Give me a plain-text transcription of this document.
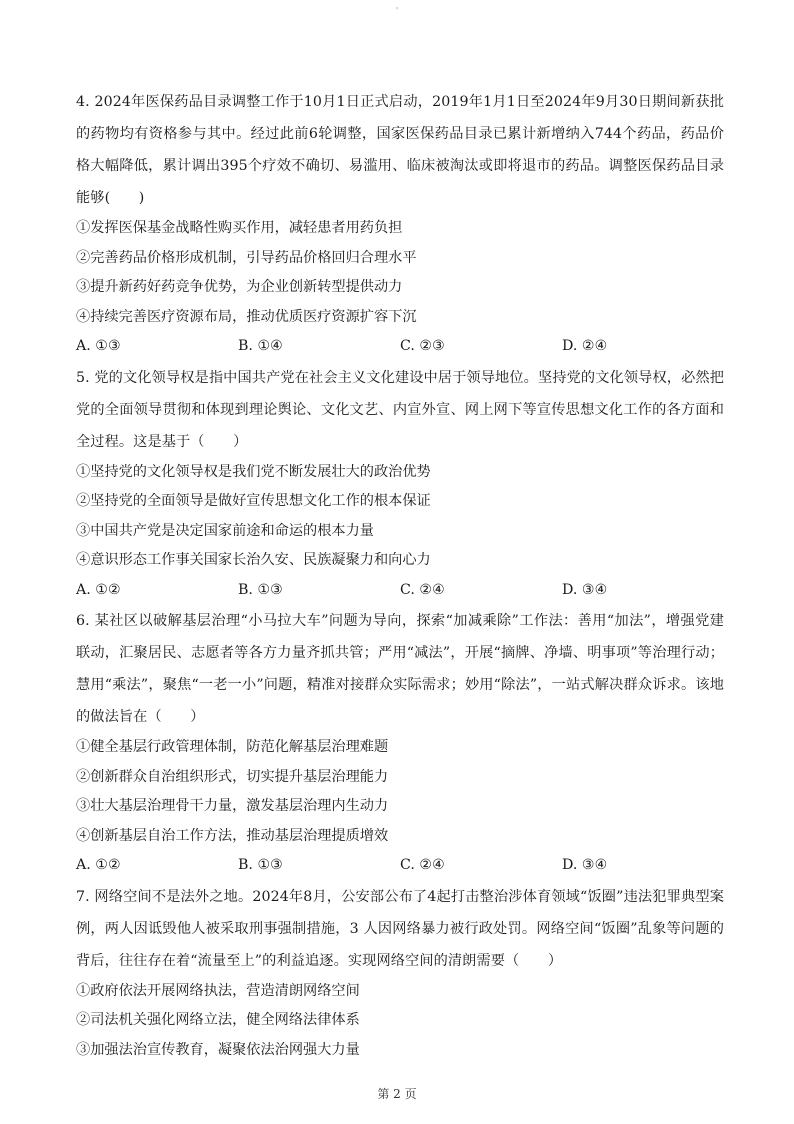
'

4. 2024年医保药品目录调整工作于10月1日正式启动，2019年1月1日至2024年9月30日期间新获批的药物均有资格参与其中。经过此前6轮调整，国家医保药品目录已累计新增纳入744个药品，药品价格大幅降低，累计调出395个疗效不确切、易滥用、临床被淘汰或即将退市的药品。调整医保药品目录能够(　　)

①发挥医保基金战略性购买作用，减轻患者用药负担

②完善药品价格形成机制，引导药品价格回归合理水平

③提升新药好药竞争优势，为企业创新转型提供动力

④持续完善医疗资源布局，推动优质医疗资源扩容下沉

A. ①③	B. ①④	C. ②③	D. ②④

5. 党的文化领导权是指中国共产党在社会主义文化建设中居于领导地位。坚持党的文化领导权，必然把党的全面领导贯彻和体现到理论舆论、文化文艺、内宣外宣、网上网下等宣传思想文化工作的各方面和全过程。这是基于（　　）

①坚持党的文化领导权是我们党不断发展壮大的政治优势

②坚持党的全面领导是做好宣传思想文化工作的根本保证

③中国共产党是决定国家前途和命运的根本力量

④意识形态工作事关国家长治久安、民族凝聚力和向心力

A. ①②	B. ①③	C. ②④	D. ③④

6. 某社区以破解基层治理“小马拉大车”问题为导向，探索“加减乘除”工作法：善用“加法”，增强党建联动，汇聚居民、志愿者等各方力量齐抓共管；严用“减法”，开展“摘牌、净墙、明事项”等治理行动；慧用“乘法”，聚焦“一老一小”问题，精准对接群众实际需求；妙用“除法”，一站式解决群众诉求。该地的做法旨在（　　）

①健全基层行政管理体制，防范化解基层治理难题

②创新群众自治组织形式，切实提升基层治理能力

③壮大基层治理骨干力量，激发基层治理内生动力

④创新基层自治工作方法，推动基层治理提质增效

A. ①②	B. ①③	C. ②④	D. ③④

7. 网络空间不是法外之地。2024年8月，公安部公布了4起打击整治涉体育领域“饭圈”违法犯罪典型案例，两人因诋毁他人被采取刑事强制措施，3 人因网络暴力被行政处罚。网络空间“饭圈”乱象等问题的背后，往往存在着“流量至上”的利益追逐。实现网络空间的清朗需要（　　）

①政府依法开展网络执法，营造清朗网络空间

②司法机关强化网络立法，健全网络法律体系

③加强法治宣传教育，凝聚依法治网强大力量

第 2 页
